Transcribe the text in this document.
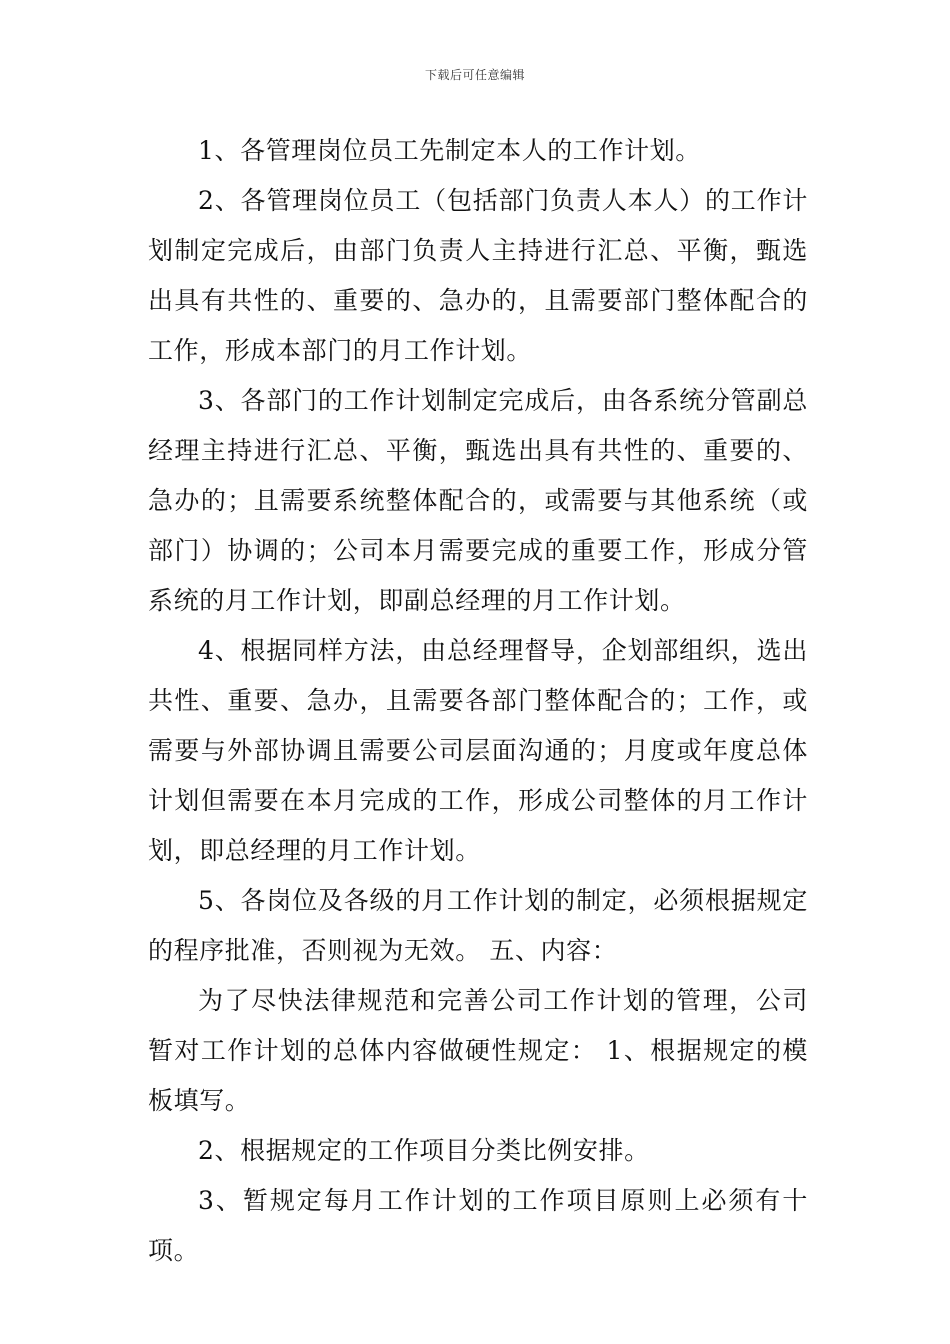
下载后可任意编辑

1、各管理岗位员工先制定本人的工作计划。

2、各管理岗位员工（包括部门负责人本人）的工作计划制定完成后，由部门负责人主持进行汇总、平衡，甄选出具有共性的、重要的、急办的，且需要部门整体配合的工作，形成本部门的月工作计划。

3、各部门的工作计划制定完成后，由各系统分管副总经理主持进行汇总、平衡，甄选出具有共性的、重要的、急办的；且需要系统整体配合的，或需要与其他系统（或部门）协调的；公司本月需要完成的重要工作，形成分管系统的月工作计划，即副总经理的月工作计划。

4、根据同样方法，由总经理督导，企划部组织，选出共性、重要、急办，且需要各部门整体配合的；工作，或需要与外部协调且需要公司层面沟通的；月度或年度总体计划但需要在本月完成的工作，形成公司整体的月工作计划，即总经理的月工作计划。

5、各岗位及各级的月工作计划的制定，必须根据规定的程序批准，否则视为无效。 五、内容：

为了尽快法律规范和完善公司工作计划的管理，公司暂对工作计划的总体内容做硬性规定： 1、根据规定的模板填写。

2、根据规定的工作项目分类比例安排。

3、暂规定每月工作计划的工作项目原则上必须有十项。
